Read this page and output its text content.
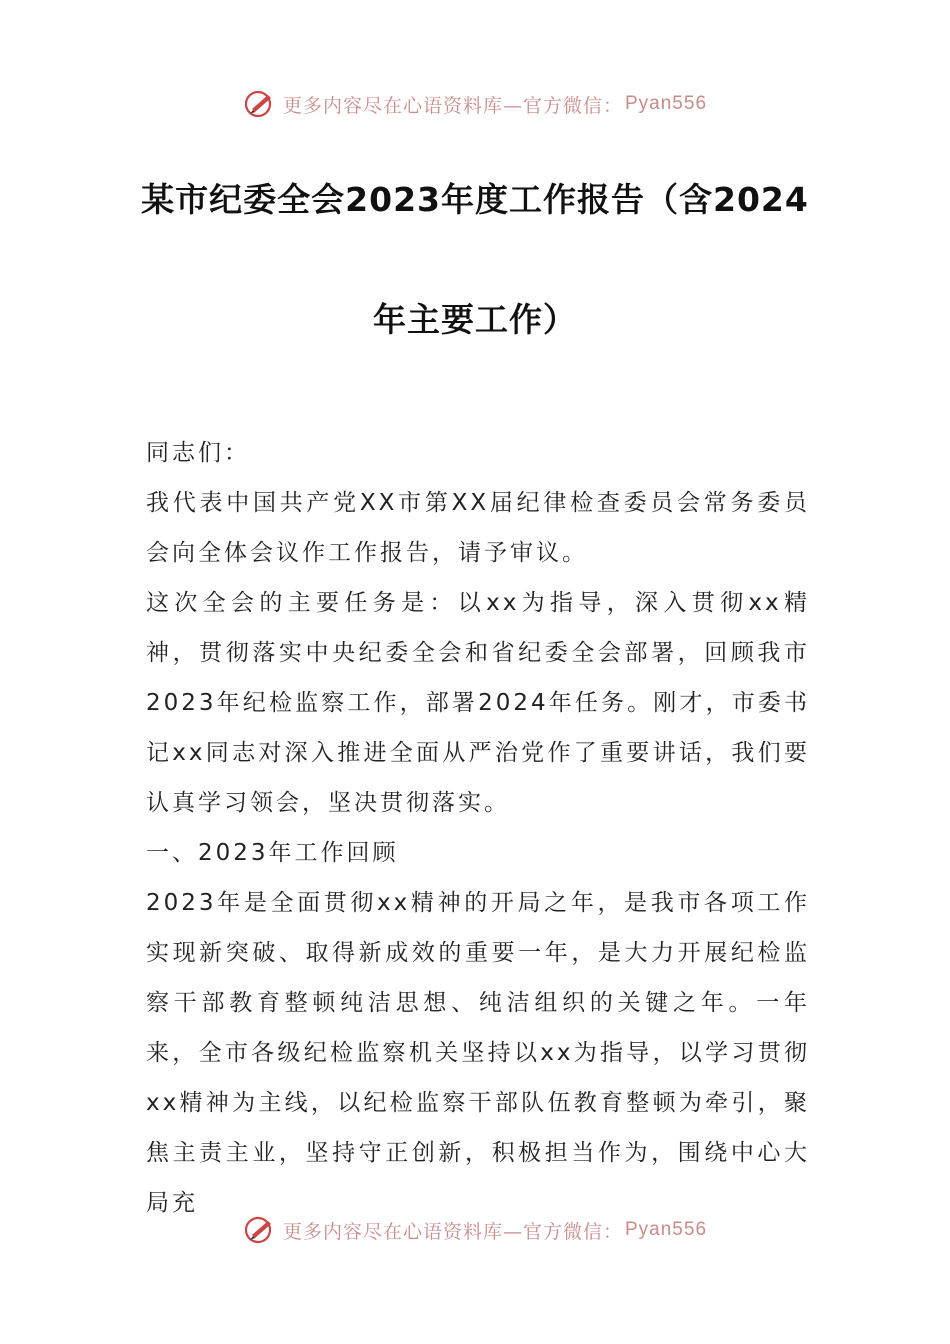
更多内容尽在心语资料库—官方微信： Pyan556
某市纪委全会2023年度工作报告（含2024
年主要工作）

同志们：

我代表中国共产党XX市第XX届纪律检查委员会常务委员会向全体会议作工作报告，请予审议。

这次全会的主要任务是：以xx为指导，深入贯彻xx精神，贯彻落实中央纪委全会和省纪委全会部署，回顾我市2023年纪检监察工作，部署2024年任务。刚才，市委书记xx同志对深入推进全面从严治党作了重要讲话，我们要认真学习领会，坚决贯彻落实。

一、2023年工作回顾

2023年是全面贯彻xx精神的开局之年，是我市各项工作实现新突破、取得新成效的重要一年，是大力开展纪检监察干部教育整顿纯洁思想、纯洁组织的关键之年。一年来，全市各级纪检监察机关坚持以xx为指导，以学习贯彻xx精神为主线，以纪检监察干部队伍教育整顿为牵引，聚焦主责主业，坚持守正创新，积极担当作为，围绕中心大局充

更多内容尽在心语资料库—官方微信： Pyan556
